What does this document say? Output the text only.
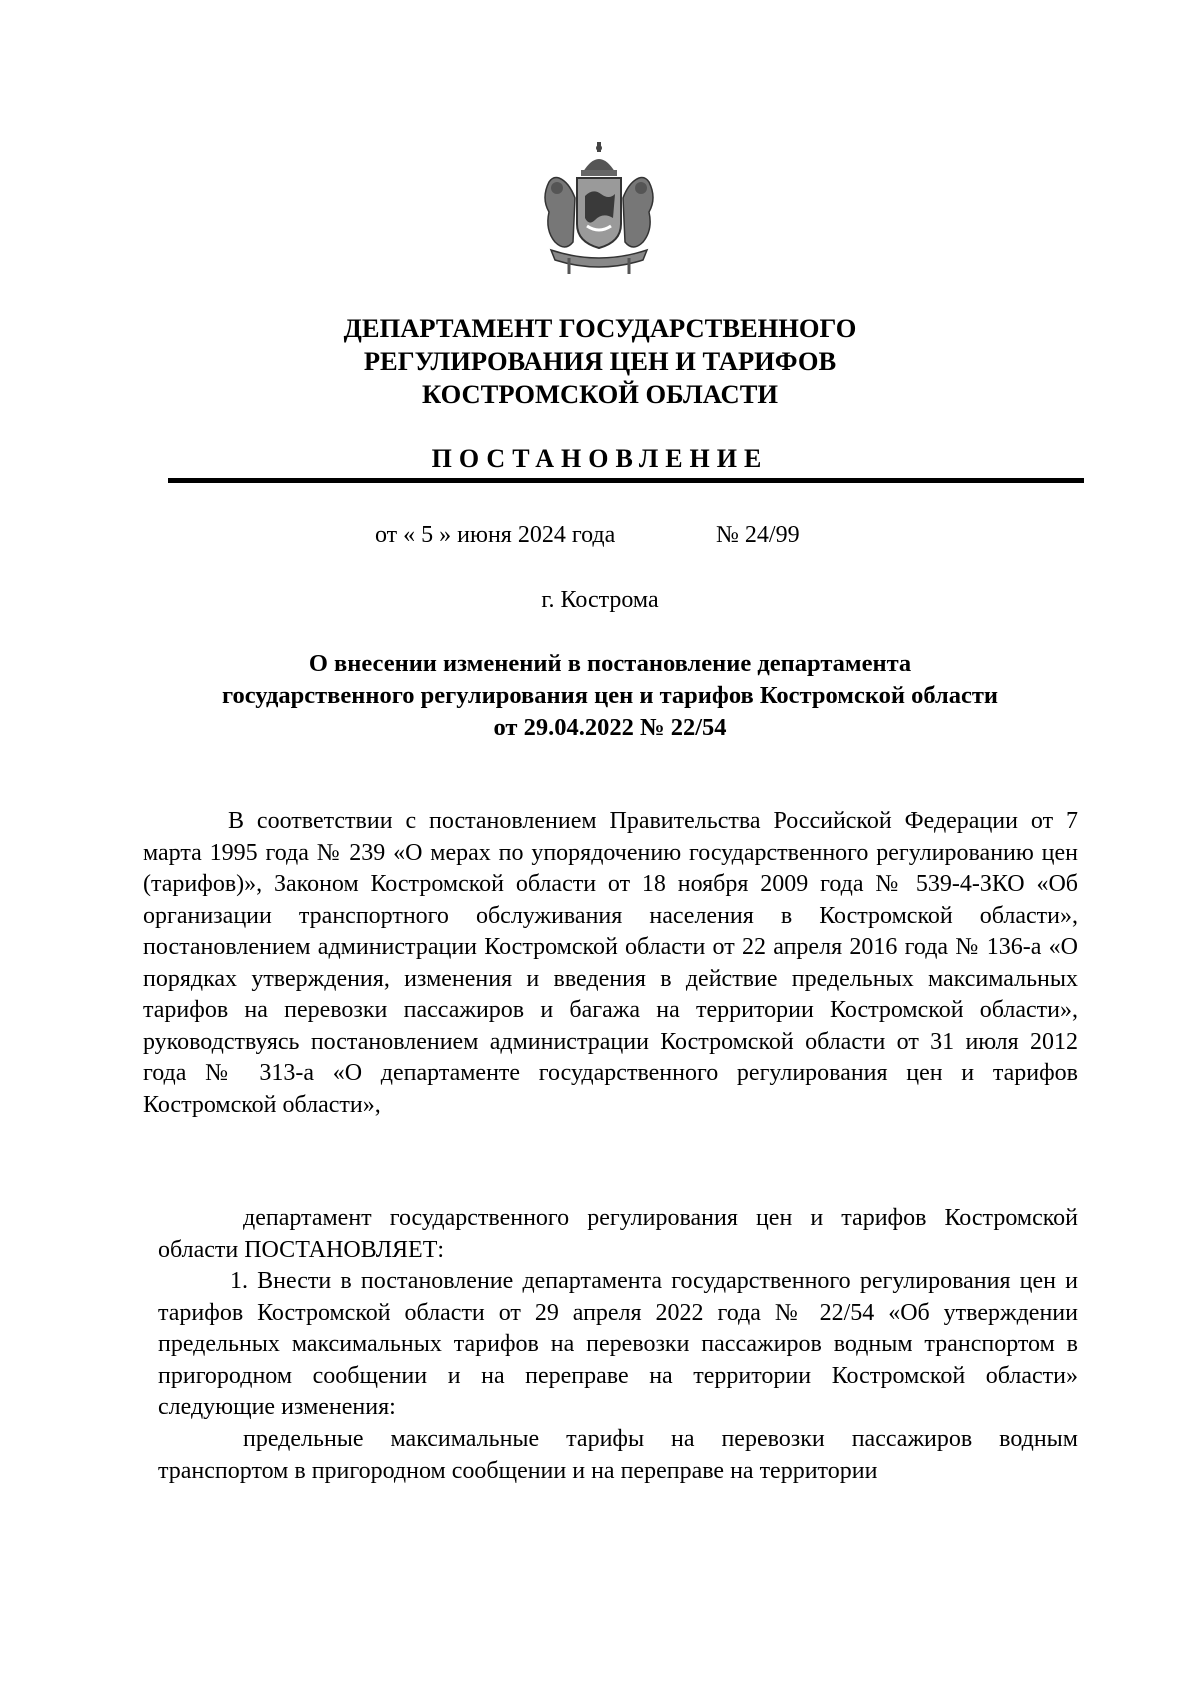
ДЕПАРТАМЕНТ ГОСУДАРСТВЕННОГО
РЕГУЛИРОВАНИЯ ЦЕН И ТАРИФОВ
КОСТРОМСКОЙ ОБЛАСТИ
ПОСТАНОВЛЕНИЕ
от « 5 » июня 2024 года	№ 24/99
г. Кострома
О внесении изменений в постановление департамента
государственного регулирования цен и тарифов Костромской области
от 29.04.2022 № 22/54

В соответствии с постановлением Правительства Российской Федерации от 7 марта 1995 года № 239 «О мерах по упорядочению государственного регулированию цен (тарифов)», Законом Костромской области от 18 ноября 2009 года № 539-4-ЗКО «Об организации транспортного обслуживания населения в Костромской области», постановлением администрации Костромской области от 22 апреля 2016 года № 136-а «О порядках утверждения, изменения и введения в действие предельных максимальных тарифов на перевозки пассажиров и багажа на территории Костромской области», руководствуясь постановлением администрации Костромской области от 31 июля 2012 года № 313-а «О департаменте государственного регулирования цен и тарифов Костромской области»,

департамент государственного регулирования цен и тарифов Костромской области ПОСТАНОВЛЯЕТ:

1. Внести в постановление департамента государственного регулирования цен и тарифов Костромской области от 29 апреля 2022 года № 22/54 «Об утверждении предельных максимальных тарифов на перевозки пассажиров водным транспортом в пригородном сообщении и на переправе на территории Костромской области» следующие изменения:

предельные максимальные тарифы на перевозки пассажиров водным транспортом в пригородном сообщении и на переправе на территории
